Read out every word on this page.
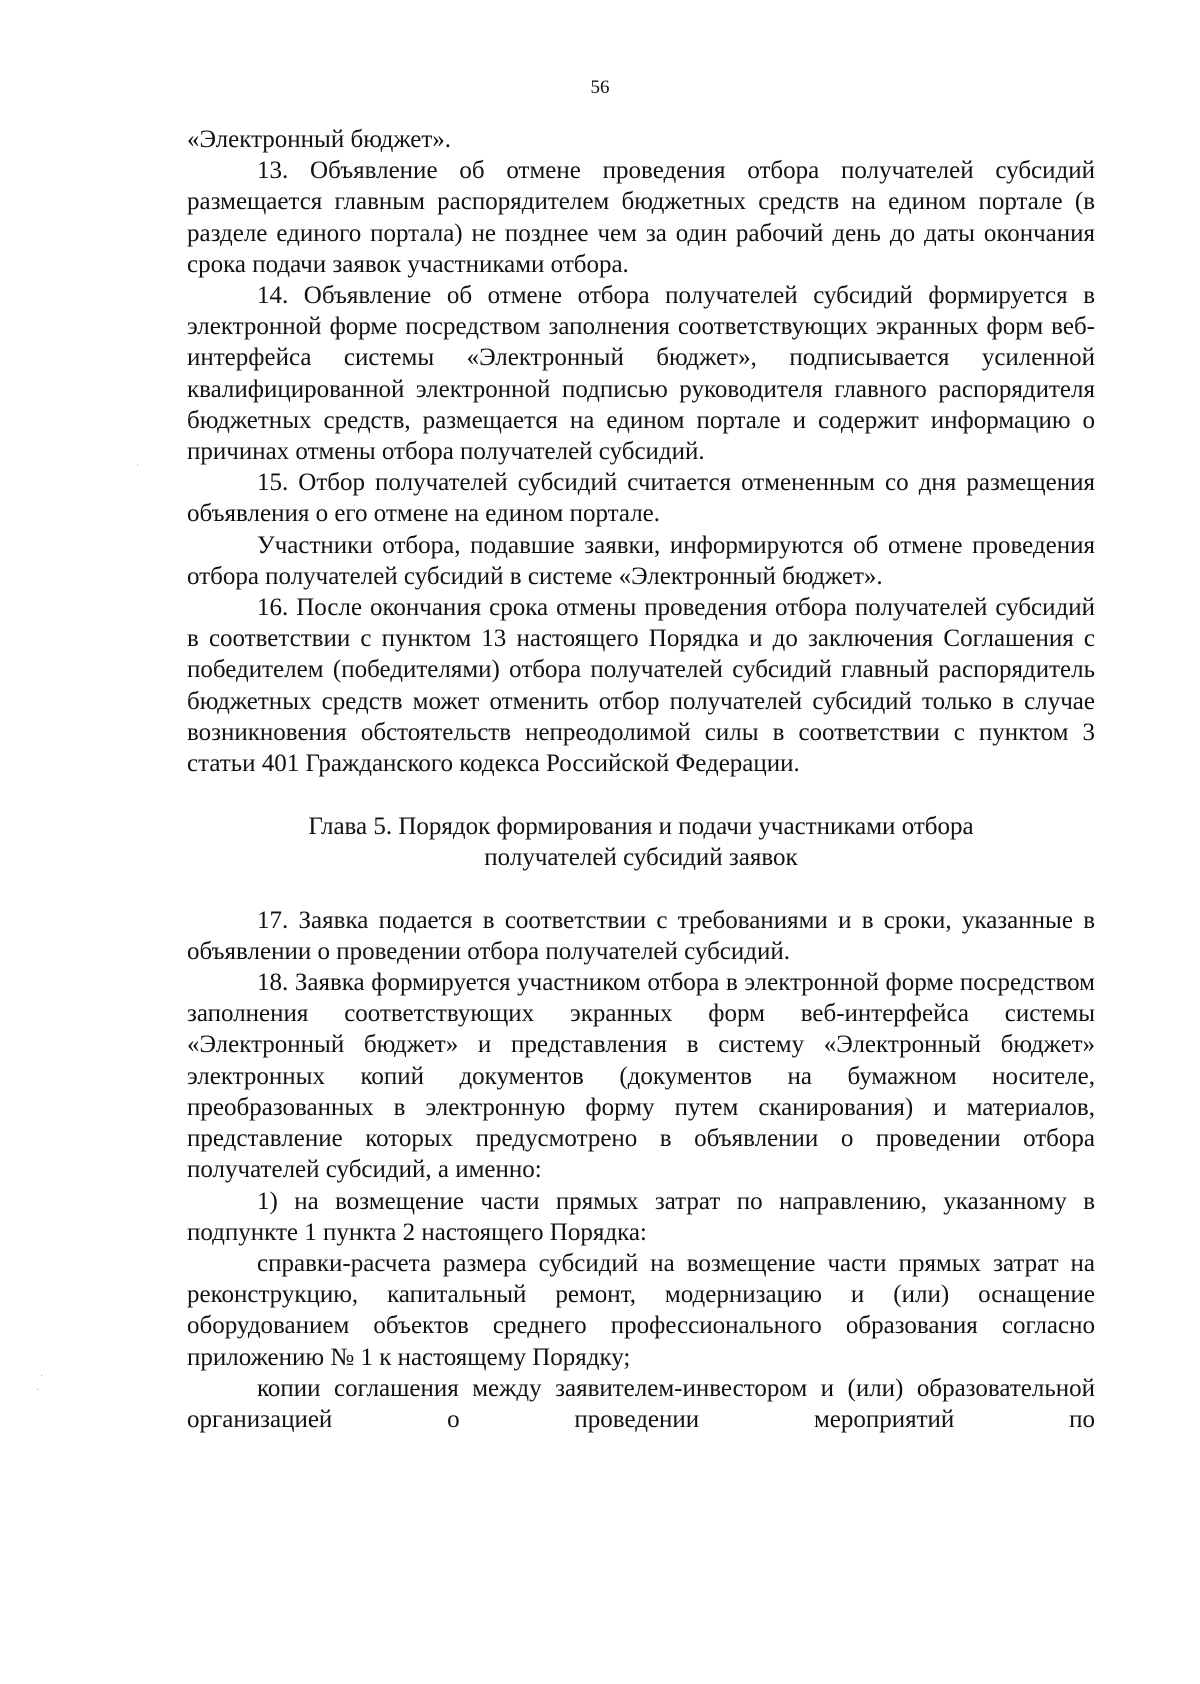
56

«Электронный бюджет».

13. Объявление об отмене проведения отбора получателей субсидий размещается главным распорядителем бюджетных средств на едином портале (в разделе единого портала) не позднее чем за один рабочий день до даты окончания срока подачи заявок участниками отбора.

14. Объявление об отмене отбора получателей субсидий формируется в электронной форме посредством заполнения соответствующих экранных форм веб-интерфейса системы «Электронный бюджет», подписывается усиленной квалифицированной электронной подписью руководителя главного распорядителя бюджетных средств, размещается на едином портале и содержит информацию о причинах отмены отбора получателей субсидий.

15. Отбор получателей субсидий считается отмененным со дня размещения объявления о его отмене на едином портале.

Участники отбора, подавшие заявки, информируются об отмене проведения отбора получателей субсидий в системе «Электронный бюджет».

16. После окончания срока отмены проведения отбора получателей субсидий в соответствии с пунктом 13 настоящего Порядка и до заключения Соглашения с победителем (победителями) отбора получателей субсидий главный распорядитель бюджетных средств может отменить отбор получателей субсидий только в случае возникновения обстоятельств непреодолимой силы в соответствии с пунктом 3 статьи 401 Гражданского кодекса Российской Федерации.

Глава 5. Порядок формирования и подачи участниками отбора
получателей субсидий заявок

17. Заявка подается в соответствии с требованиями и в сроки, указанные в объявлении о проведении отбора получателей субсидий.

18. Заявка формируется участником отбора в электронной форме посредством заполнения соответствующих экранных форм веб-интерфейса системы «Электронный бюджет» и представления в систему «Электронный бюджет» электронных копий документов (документов на бумажном носителе, преобразованных в электронную форму путем сканирования) и материалов, представление которых предусмотрено в объявлении о проведении отбора получателей субсидий, а именно:

1) на возмещение части прямых затрат по направлению, указанному в подпункте 1 пункта 2 настоящего Порядка:

справки-расчета размера субсидий на возмещение части прямых затрат на реконструкцию, капитальный ремонт, модернизацию и (или) оснащение оборудованием объектов среднего профессионального образования согласно приложению № 1 к настоящему Порядку;

копии соглашения между заявителем-инвестором и (или) образовательной организацией о проведении мероприятий по

·
·
·
